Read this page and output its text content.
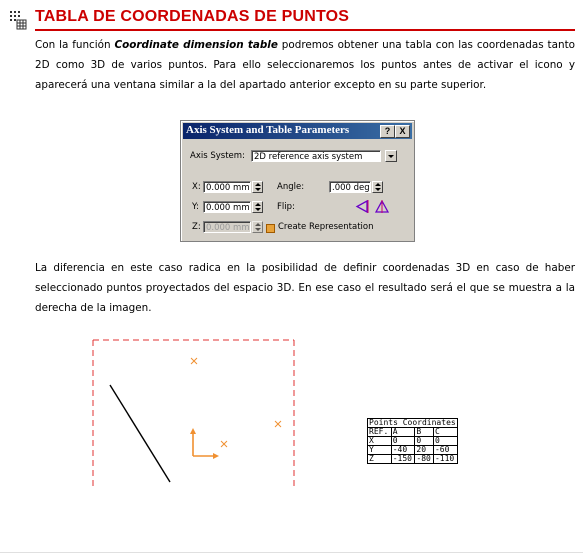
TABLA DE COORDENADAS DE PUNTOS
Con la función Coordinate dimension table podremos obtener una tabla con las coordenadas tanto 2D como 3D de varios puntos. Para ello seleccionaremos los puntos antes de activar el icono y aparecerá una ventana similar a la del apartado anterior excepto en su parte superior.
Axis System and Table Parameters	?	X
Axis System:	2D reference axis system
X: 0.000 mm
Y: 0.000 mm
Z: 0.000 mm
Angle:	.000 deg
Flip:
Create Representation
La diferencia en este caso radica en la posibilidad de definir coordenadas 3D en caso de haber seleccionado puntos proyectados del espacio 3D. En ese caso el resultado será el que se muestra a la derecha de la imagen.
Points Coordinates			
REF.	A	B	C
X	0	0	0
Y	-40	20	-60
Z	-150	-80	-110
